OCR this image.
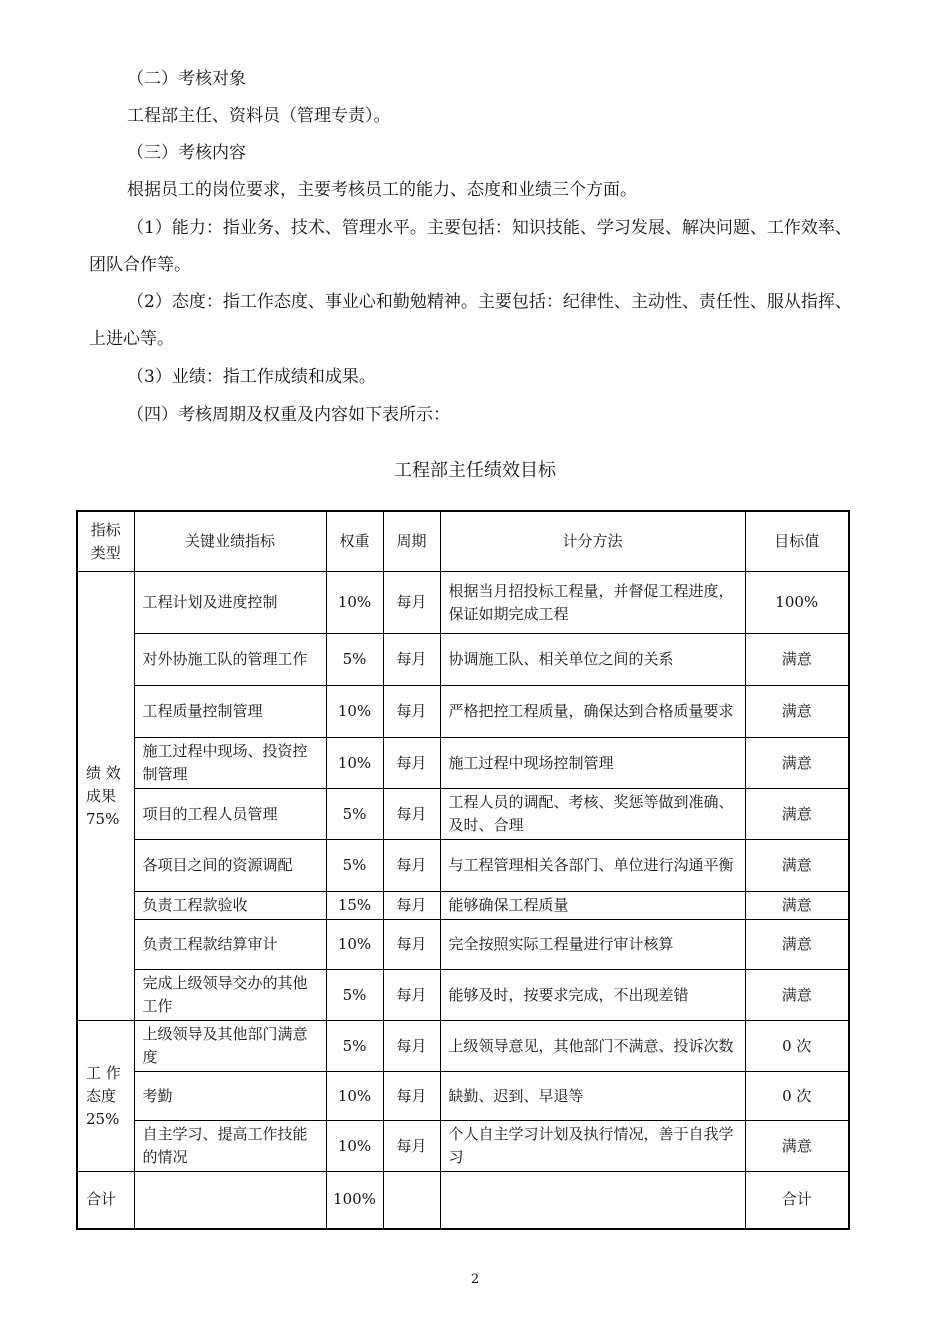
（二）考核对象

工程部主任、资料员（管理专责）。

（三）考核内容

根据员工的岗位要求，主要考核员工的能力、态度和业绩三个方面。

（1）能力：指业务、技术、管理水平。主要包括：知识技能、学习发展、解决问题、工作效率、团队合作等。

（2）态度：指工作态度、事业心和勤勉精神。主要包括：纪律性、主动性、责任性、服从指挥、上进心等。

（3）业绩：指工作成绩和成果。

（四）考核周期及权重及内容如下表所示：

工程部主任绩效目标

指标类型	关键业绩指标	权重	周期	计分方法	目标值
绩 效 成果75%	工程计划及进度控制	10%	每月	根据当月招投标工程量，并督促工程进度，保证如期完成工程	100%
	对外协施工队的管理工作	5%	每月	协调施工队、相关单位之间的关系	满意
	工程质量控制管理	10%	每月	严格把控工程质量，确保达到合格质量要求	满意
	施工过程中现场、投资控制管理	10%	每月	施工过程中现场控制管理	满意
	项目的工程人员管理	5%	每月	工程人员的调配、考核、奖惩等做到准确、及时、合理	满意
	各项目之间的资源调配	5%	每月	与工程管理相关各部门、单位进行沟通平衡	满意
	负责工程款验收	15%	每月	能够确保工程质量	满意
	负责工程款结算审计	10%	每月	完全按照实际工程量进行审计核算	满意
	完成上级领导交办的其他工作	5%	每月	能够及时，按要求完成，不出现差错	满意
工 作态度25%	上级领导及其他部门满意度	5%	每月	上级领导意见，其他部门不满意、投诉次数	0 次
	考勤	10%	每月	缺勤、迟到、早退等	0 次
	自主学习、提高工作技能的情况	10%	每月	个人自主学习计划及执行情况，善于自我学习	满意
合计		100%			合计
2
